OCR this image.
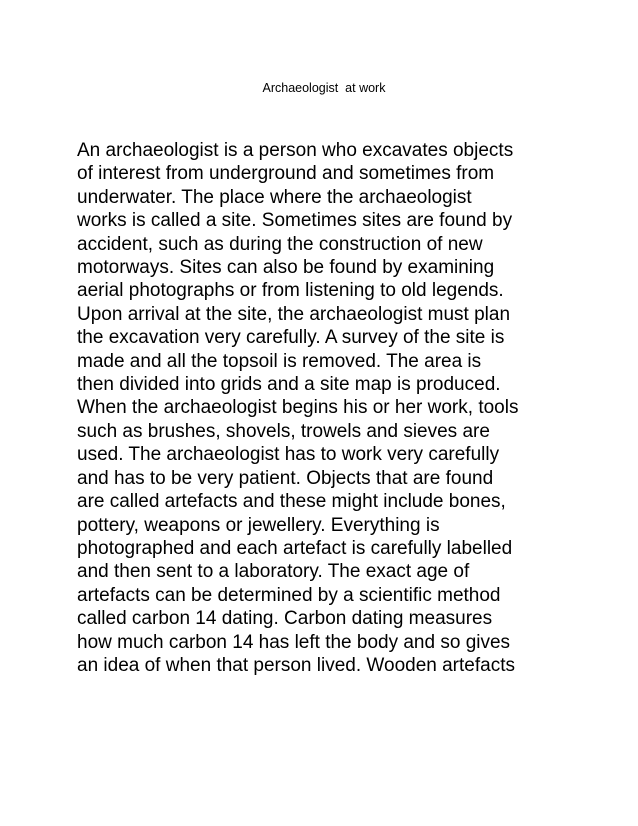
Archaeologist  at work
An archaeologist is a person who excavates objects
of interest from underground and sometimes from
underwater. The place where the archaeologist
works is called a site. Sometimes sites are found by
accident, such as during the construction of new
motorways. Sites can also be found by examining
aerial photographs or from listening to old legends.
Upon arrival at the site, the archaeologist must plan
the excavation very carefully. A survey of the site is
made and all the topsoil is removed. The area is
then divided into grids and a site map is produced.
When the archaeologist begins his or her work, tools
such as brushes, shovels, trowels and sieves are
used. The archaeologist has to work very carefully
and has to be very patient. Objects that are found
are called artefacts and these might include bones,
pottery, weapons or jewellery. Everything is
photographed and each artefact is carefully labelled
and then sent to a laboratory. The exact age of
artefacts can be determined by a scientific method
called carbon 14 dating. Carbon dating measures
how much carbon 14 has left the body and so gives
an idea of when that person lived. Wooden artefacts
